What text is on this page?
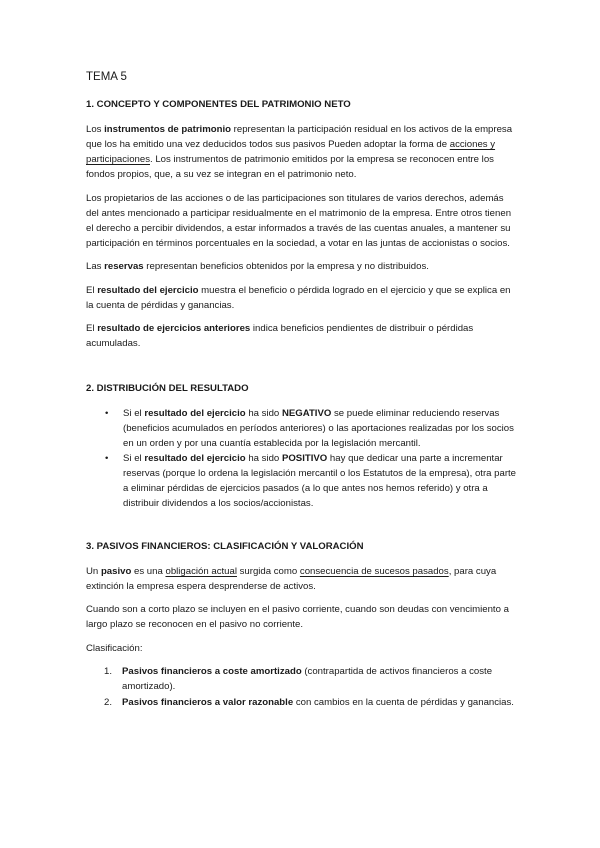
TEMA 5
1. CONCEPTO Y COMPONENTES DEL PATRIMONIO NETO

Los instrumentos de patrimonio representan la participación residual en los activos de la empresa que los ha emitido una vez deducidos todos sus pasivos Pueden adoptar la forma de acciones y participaciones. Los instrumentos de patrimonio emitidos por la empresa se reconocen entre los fondos propios, que, a su vez se integran en el patrimonio neto.

Los propietarios de las acciones o de las participaciones son titulares de varios derechos, además del antes mencionado a participar residualmente en el matrimonio de la empresa. Entre otros tienen el derecho a percibir dividendos, a estar informados a través de las cuentas anuales, a mantener su participación en términos porcentuales en la sociedad, a votar en las juntas de accionistas o socios.

Las reservas representan beneficios obtenidos por la empresa y no distribuidos.

El resultado del ejercicio muestra el beneficio o pérdida logrado en el ejercicio y que se explica en la cuenta de pérdidas y ganancias.

El resultado de ejercicios anteriores indica beneficios pendientes de distribuir o pérdidas acumuladas.

2. DISTRIBUCIÓN DEL RESULTADO
• Si el resultado del ejercicio ha sido NEGATIVO se puede eliminar reduciendo reservas (beneficios acumulados en períodos anteriores) o las aportaciones realizadas por los socios en un orden y por una cuantía establecida por la legislación mercantil.
• Si el resultado del ejercicio ha sido POSITIVO hay que dedicar una parte a incrementar reservas (porque lo ordena la legislación mercantil o los Estatutos de la empresa), otra parte a eliminar pérdidas de ejercicios pasados (a lo que antes nos hemos referido) y otra a distribuir dividendos a los socios/accionistas.
3. PASIVOS FINANCIEROS: CLASIFICACIÓN Y VALORACIÓN

Un pasivo es una obligación actual surgida como consecuencia de sucesos pasados, para cuya extinción la empresa espera desprenderse de activos.

Cuando son a corto plazo se incluyen en el pasivo corriente, cuando son deudas con vencimiento a largo plazo se reconocen en el pasivo no corriente.

Clasificación:

1. Pasivos financieros a coste amortizado (contrapartida de activos financieros a coste amortizado).
2. Pasivos financieros a valor razonable con cambios en la cuenta de pérdidas y ganancias.
